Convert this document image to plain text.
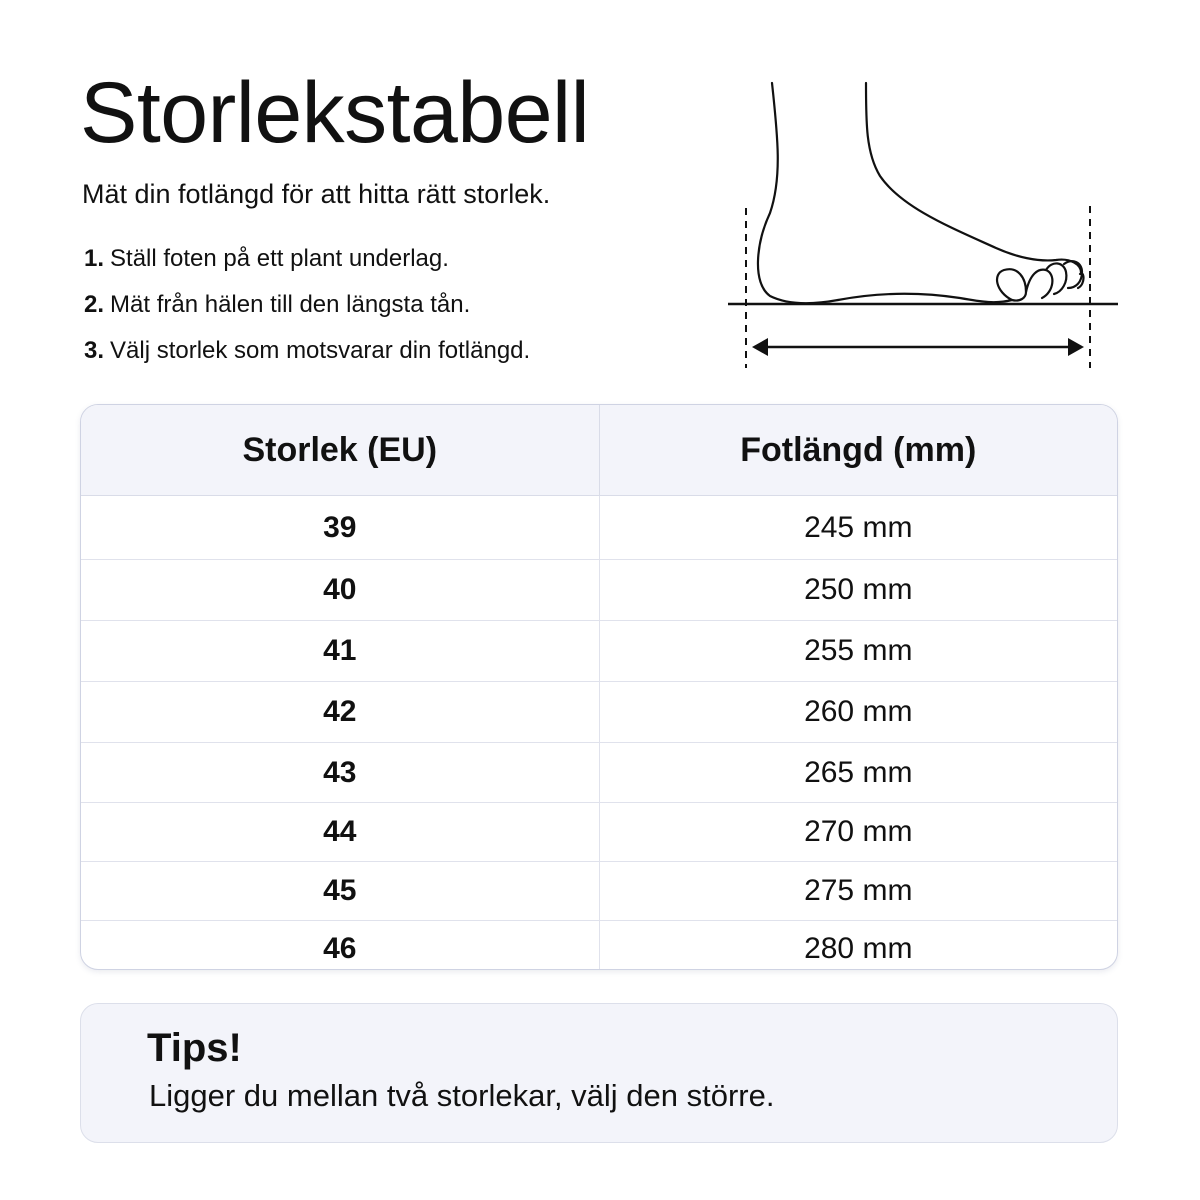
Storlekstabell

Mät din fotlängd för att hitta rätt storlek.

1. Ställ foten på ett plant underlag.
2. Mät från hälen till den längsta tån.
3. Välj storlek som motsvarar din fotlängd.
Storlek (EU)	Fotlängd (mm)
39	245 mm
40	250 mm
41	255 mm
42	260 mm
43	265 mm
44	270 mm
45	275 mm
46	280 mm

Tips!

Ligger du mellan två storlekar, välj den större.
